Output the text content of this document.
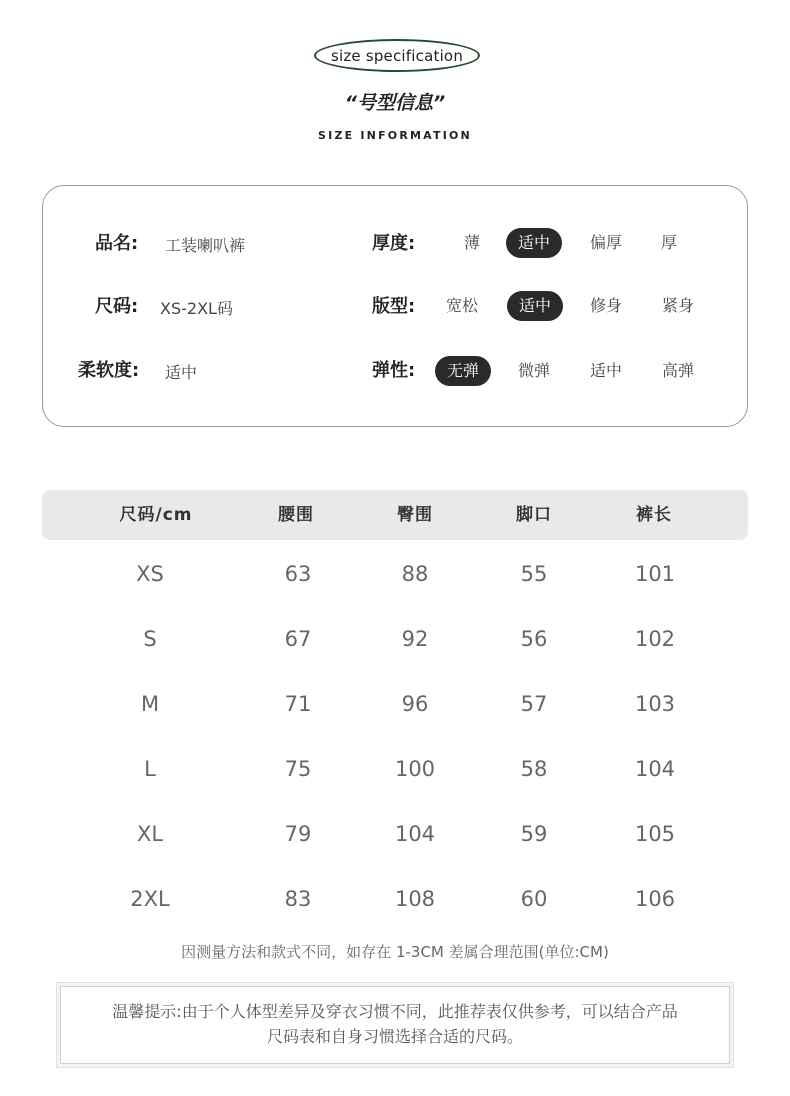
size specification
“号型信息”
SIZE INFORMATION
品名: 工装喇叭裤
尺码: XS-2XL码
柔软度: 适中
厚度:	薄	适中	偏厚	厚
版型:	宽松	适中	修身	紧身
弹性:	无弹	微弹	适中	高弹
尺码/cm	腰围	臀围	脚口	裤长
XS	63	88	55	101
S	67	92	56	102
M	71	96	57	103
L	75	100	58	104
XL	79	104	59	105
2XL	83	108	60	106
因测量方法和款式不同，如存在 1-3CM 差属合理范围(单位:CM)
温馨提示:由于个人体型差异及穿衣习惯不同，此推荐表仅供参考，可以结合产品
尺码表和自身习惯选择合适的尺码。
